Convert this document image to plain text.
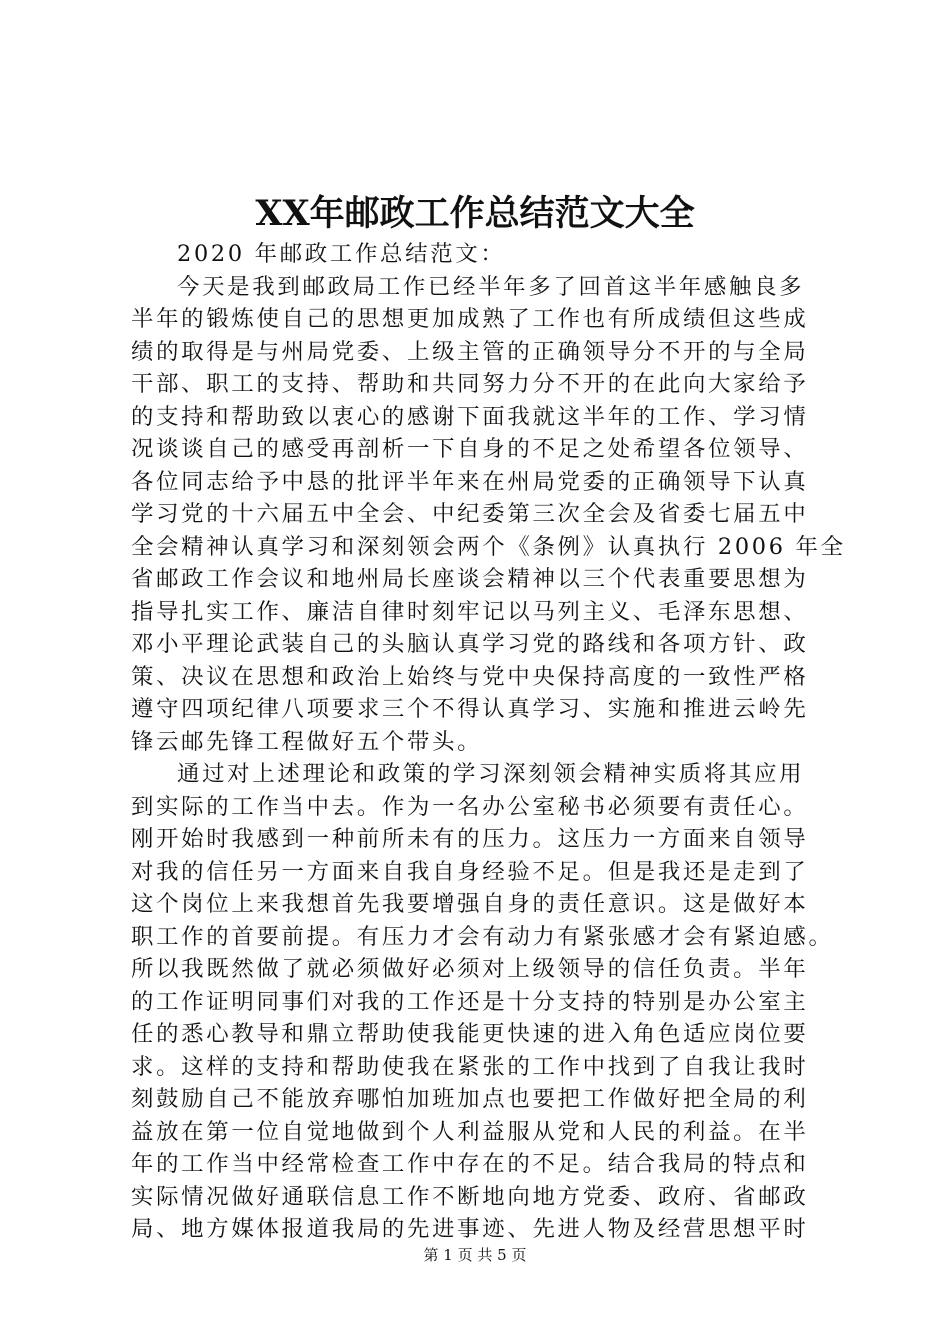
XX年邮政工作总结范文大全
2020 年邮政工作总结范文：
今天是我到邮政局工作已经半年多了回首这半年感触良多
半年的锻炼使自己的思想更加成熟了工作也有所成绩但这些成
绩的取得是与州局党委、上级主管的正确领导分不开的与全局
干部、职工的支持、帮助和共同努力分不开的在此向大家给予
的支持和帮助致以衷心的感谢下面我就这半年的工作、学习情
况谈谈自己的感受再剖析一下自身的不足之处希望各位领导、
各位同志给予中恳的批评半年来在州局党委的正确领导下认真
学习党的十六届五中全会、中纪委第三次全会及省委七届五中
全会精神认真学习和深刻领会两个《条例》认真执行 2006 年全
省邮政工作会议和地州局长座谈会精神以三个代表重要思想为
指导扎实工作、廉洁自律时刻牢记以马列主义、毛泽东思想、
邓小平理论武装自己的头脑认真学习党的路线和各项方针、政
策、决议在思想和政治上始终与党中央保持高度的一致性严格
遵守四项纪律八项要求三个不得认真学习、实施和推进云岭先
锋云邮先锋工程做好五个带头。
通过对上述理论和政策的学习深刻领会精神实质将其应用
到实际的工作当中去。作为一名办公室秘书必须要有责任心。
刚开始时我感到一种前所未有的压力。这压力一方面来自领导
对我的信任另一方面来自我自身经验不足。但是我还是走到了
这个岗位上来我想首先我要增强自身的责任意识。这是做好本
职工作的首要前提。有压力才会有动力有紧张感才会有紧迫感。
所以我既然做了就必须做好必须对上级领导的信任负责。半年
的工作证明同事们对我的工作还是十分支持的特别是办公室主
任的悉心教导和鼎立帮助使我能更快速的进入角色适应岗位要
求。这样的支持和帮助使我在紧张的工作中找到了自我让我时
刻鼓励自己不能放弃哪怕加班加点也要把工作做好把全局的利
益放在第一位自觉地做到个人利益服从党和人民的利益。在半
年的工作当中经常检查工作中存在的不足。结合我局的特点和
实际情况做好通联信息工作不断地向地方党委、政府、省邮政
局、地方媒体报道我局的先进事迹、先进人物及经营思想平时
第 1 页 共 5 页
